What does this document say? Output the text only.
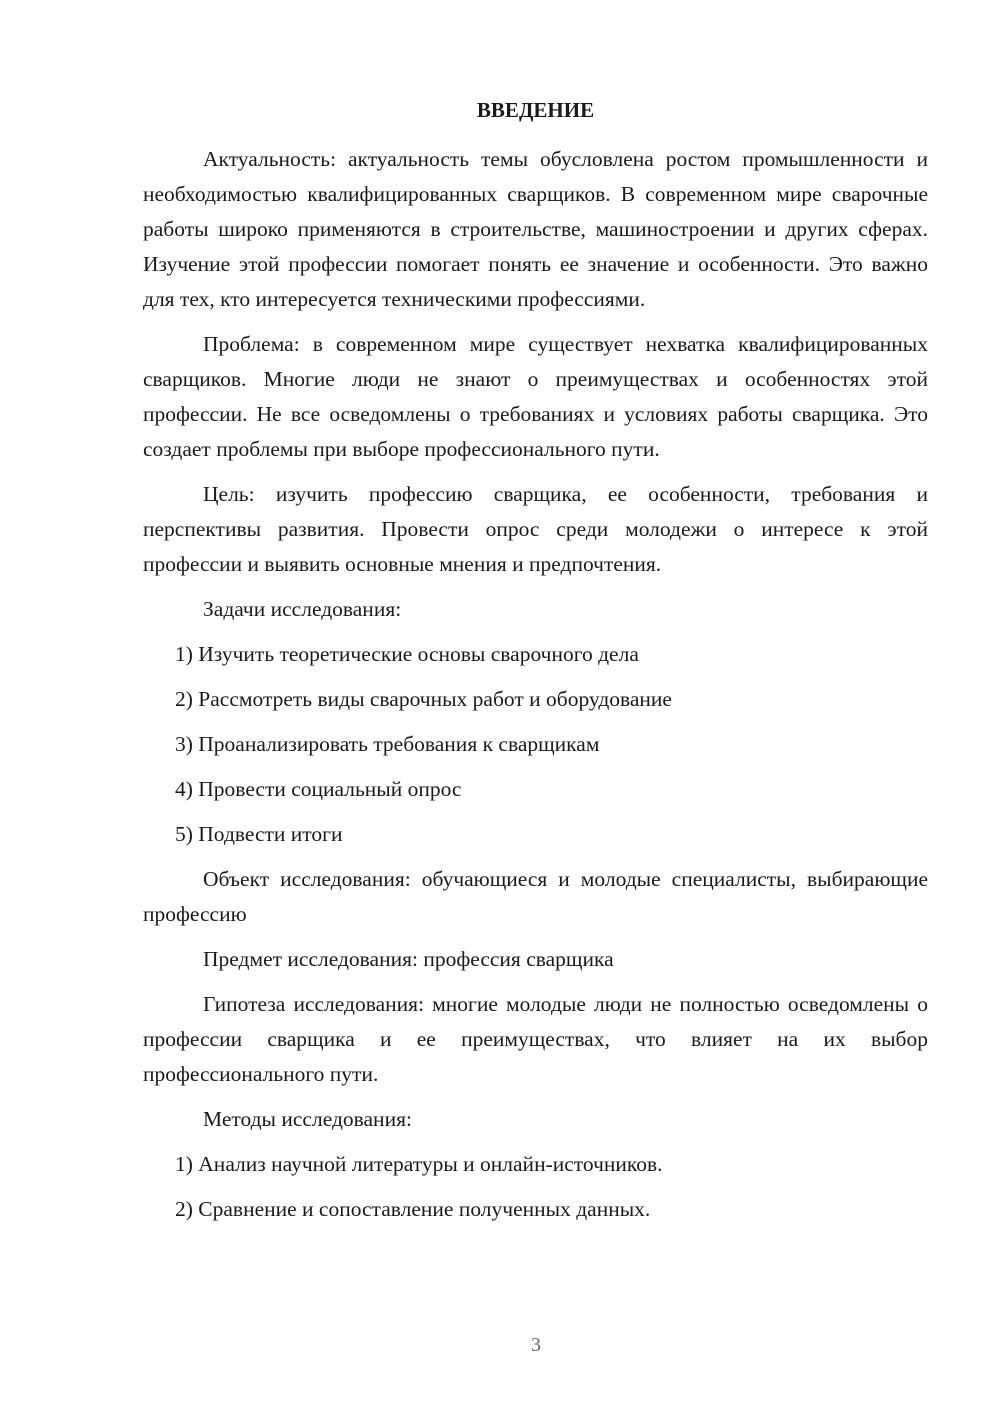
ВВЕДЕНИЕ

Актуальность: актуальность темы обусловлена ростом промышленности и необходимостью квалифицированных сварщиков. В современном мире сварочные работы широко применяются в строительстве, машиностроении и других сферах. Изучение этой профессии помогает понять ее значение и особенности. Это важно для тех, кто интересуется техническими профессиями.

Проблема: в современном мире существует нехватка квалифицированных сварщиков. Многие люди не знают о преимуществах и особенностях этой профессии. Не все осведомлены о требованиях и условиях работы сварщика. Это создает проблемы при выборе профессионального пути.

Цель: изучить профессию сварщика, ее особенности, требования и перспективы развития. Провести опрос среди молодежи о интересе к этой профессии и выявить основные мнения и предпочтения.

Задачи исследования:

1) Изучить теоретические основы сварочного дела
2) Рассмотреть виды сварочных работ и оборудование
3) Проанализировать требования к сварщикам
4) Провести социальный опрос
5) Подвести итоги

Объект исследования: обучающиеся и молодые специалисты, выбирающие профессию

Предмет исследования: профессия сварщика

Гипотеза исследования: многие молодые люди не полностью осведомлены о профессии сварщика и ее преимуществах, что влияет на их выбор профессионального пути.

Методы исследования:

1) Анализ научной литературы и онлайн-источников.
2) Сравнение и сопоставление полученных данных.
3
